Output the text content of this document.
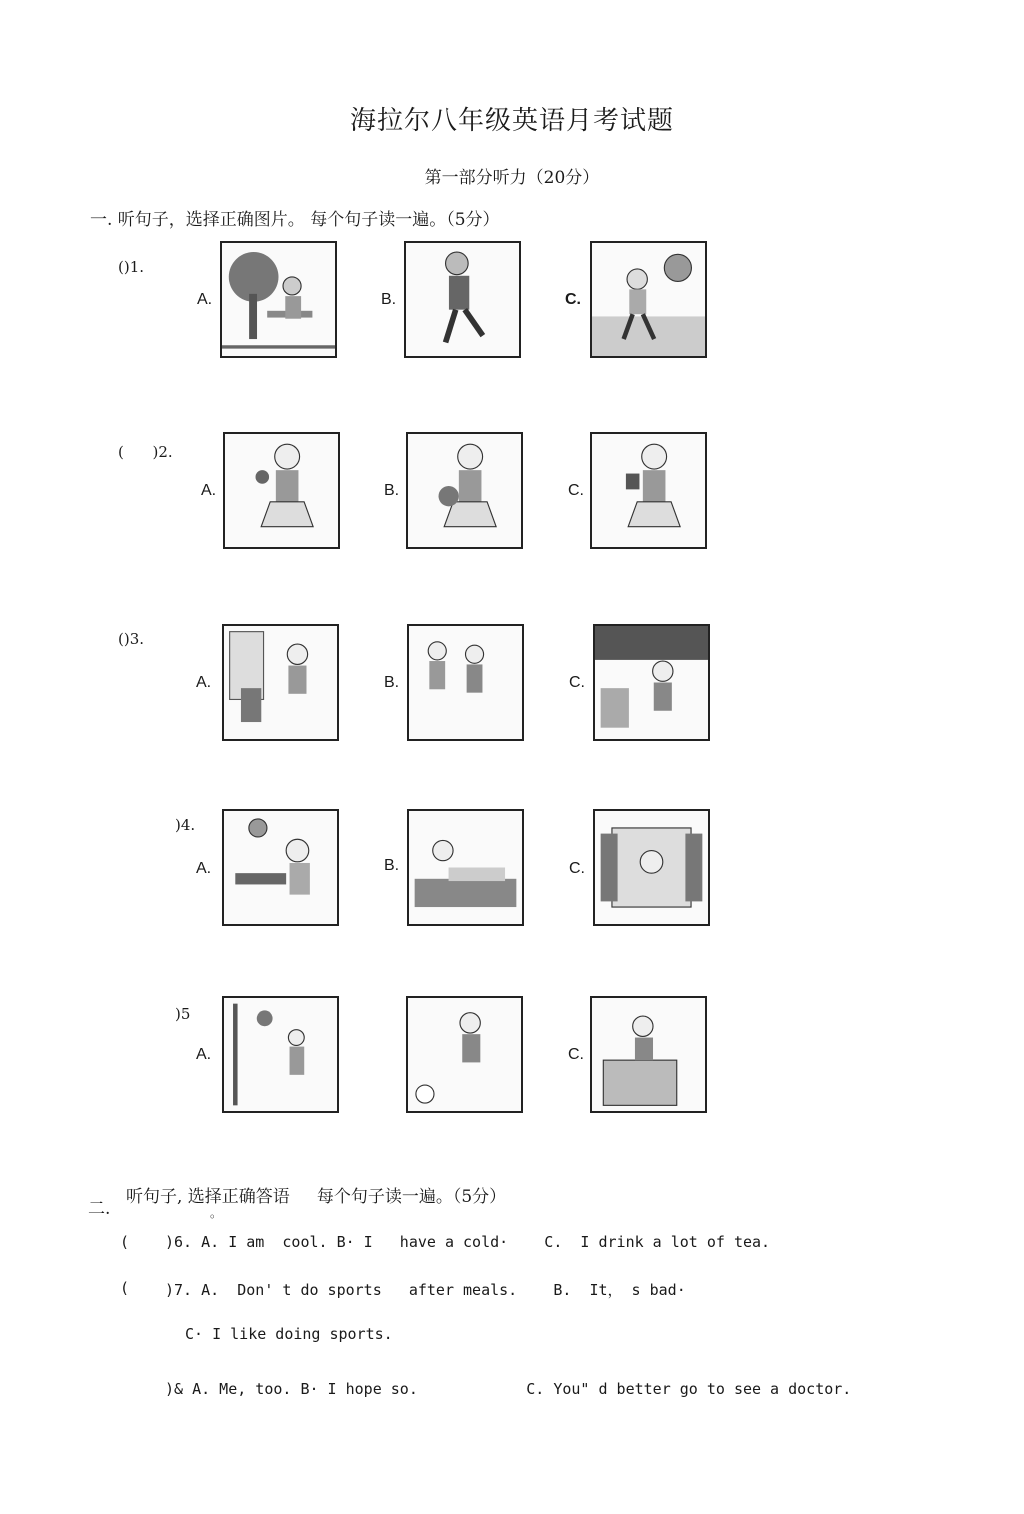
海拉尔八年级英语月考试题
第一部分听力（20分）
一. 听句子，选择正确图片。 每个句子读一遍。（5分）
()1.
A.	B.	C.
(      )2.
A.	B.	C.
()3.
A.	B.	C.
)4.
A.	B.	C.
)5
A.	C.
二.
听句子, 选择正确答语     每个句子读一遍。（5分）
。
( )6. A. I am  cool. B· I   have a cold·    C.  I drink a lot of tea.
( )7. A.  Don' t do sports   after meals.    B.  It， s bad·
C· I like doing sports.
)& A. Me, too. B· I hope so.            C. You" d better go to see a doctor.
